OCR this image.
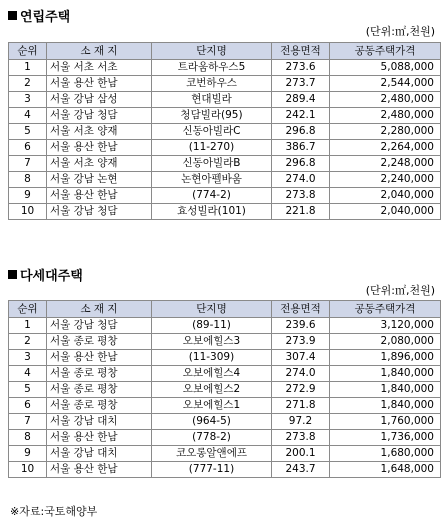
연립주택
(단위:㎡,천원)
순위	소 재 지	단지명	전용면적	공동주택가격
1	서울 서초 서초	트라움하우스5	273.6	5,088,000
2	서울 용산 한남	코번하우스	273.7	2,544,000
3	서울 강남 삼성	현대빌라	289.4	2,480,000
4	서울 강남 청담	청담빌라(95)	242.1	2,480,000
5	서울 서초 양재	신동아빌라C	296.8	2,280,000
6	서울 용산 한남	(11-270)	386.7	2,264,000
7	서울 서초 양재	신동아빌라B	296.8	2,248,000
8	서울 강남 논현	논현아펠바움	274.0	2,240,000
9	서울 용산 한남	(774-2)	273.8	2,040,000
10	서울 강남 청담	효성빌라(101)	221.8	2,040,000
다세대주택
(단위:㎡,천원)
순위	소 재 지	단지명	전용면적	공동주택가격
1	서울 강남 청담	(89-11)	239.6	3,120,000
2	서울 종로 평창	오보에힐스3	273.9	2,080,000
3	서울 용산 한남	(11-309)	307.4	1,896,000
4	서울 종로 평창	오보에힐스4	274.0	1,840,000
5	서울 종로 평창	오보에힐스2	272.9	1,840,000
6	서울 종로 평창	오보에힐스1	271.8	1,840,000
7	서울 강남 대치	(964-5)	97.2	1,760,000
8	서울 용산 한남	(778-2)	273.8	1,736,000
9	서울 강남 대치	코오롱알앤에프	200.1	1,680,000
10	서울 용산 한남	(777-11)	243.7	1,648,000
※자료:국토해양부
